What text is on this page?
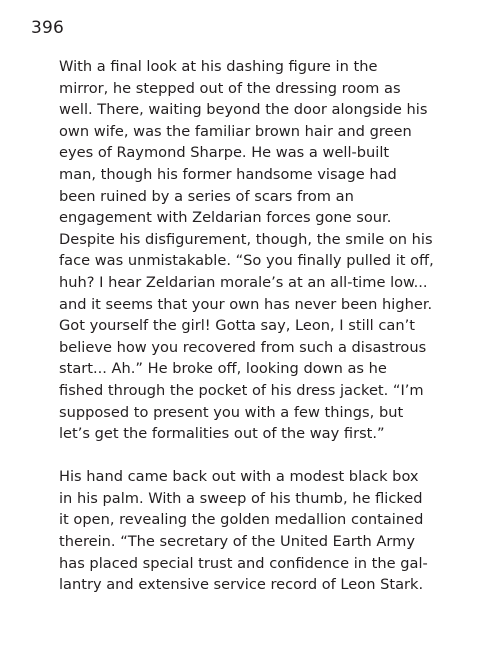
396
With a final look at his dashing figure in the
mirror, he stepped out of the dressing room as
well. There, waiting beyond the door alongside his
own wife, was the familiar brown hair and green
eyes of Raymond Sharpe. He was a well-built
man, though his former handsome visage had
been ruined by a series of scars from an
engagement with Zeldarian forces gone sour.
Despite his disfigurement, though, the smile on his
face was unmistakable. “So you finally pulled it off,
huh? I hear Zeldarian morale’s at an all-time low...
and it seems that your own has never been higher.
Got yourself the girl! Gotta say, Leon, I still can’t
believe how you recovered from such a disastrous
start... Ah.” He broke off, looking down as he
fished through the pocket of his dress jacket. “I’m
supposed to present you with a few things, but
let’s get the formalities out of the way first.”
His hand came back out with a modest black box
in his palm. With a sweep of his thumb, he flicked
it open, revealing the golden medallion contained
therein. “The secretary of the United Earth Army
has placed special trust and confidence in the gal-
lantry and extensive service record of Leon Stark.
